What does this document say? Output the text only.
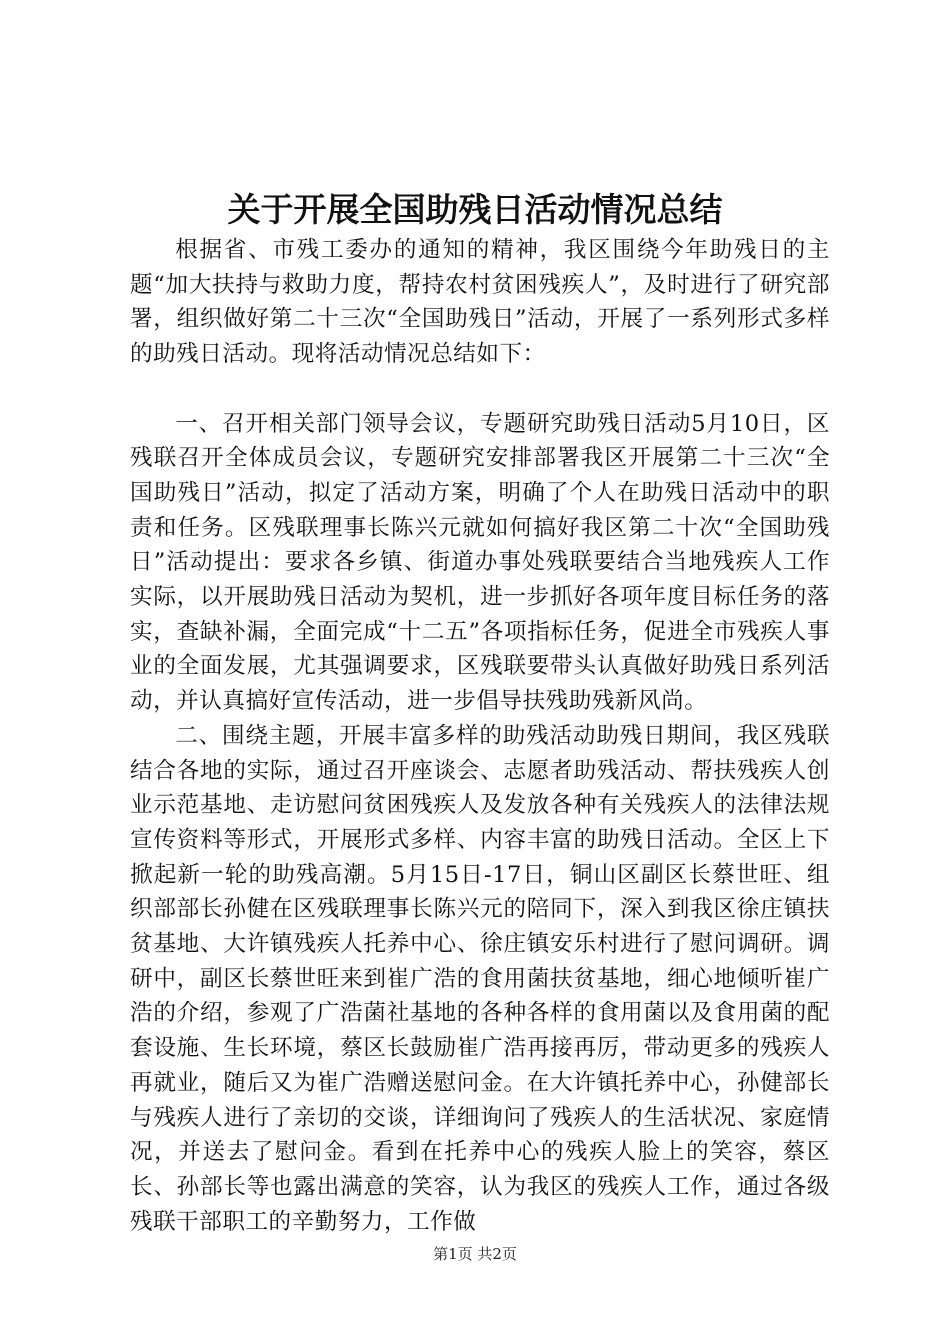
关于开展全国助残日活动情况总结

根据省、市残工委办的通知的精神，我区围绕今年助残日的主题“加大扶持与救助力度，帮持农村贫困残疾人”，及时进行了研究部署，组织做好第二十三次“全国助残日”活动，开展了一系列形式多样的助残日活动。现将活动情况总结如下：

一、召开相关部门领导会议，专题研究助残日活动5月10日，区残联召开全体成员会议，专题研究安排部署我区开展第二十三次“全国助残日”活动，拟定了活动方案，明确了个人在助残日活动中的职责和任务。区残联理事长陈兴元就如何搞好我区第二十次“全国助残日”活动提出：要求各乡镇、街道办事处残联要结合当地残疾人工作实际，以开展助残日活动为契机，进一步抓好各项年度目标任务的落实，查缺补漏，全面完成“十二五”各项指标任务，促进全市残疾人事业的全面发展，尤其强调要求，区残联要带头认真做好助残日系列活动，并认真搞好宣传活动，进一步倡导扶残助残新风尚。

二、围绕主题，开展丰富多样的助残活动助残日期间，我区残联结合各地的实际，通过召开座谈会、志愿者助残活动、帮扶残疾人创业示范基地、走访慰问贫困残疾人及发放各种有关残疾人的法律法规宣传资料等形式，开展形式多样、内容丰富的助残日活动。全区上下掀起新一轮的助残高潮。5月15日-17日，铜山区副区长蔡世旺、组织部部长孙健在区残联理事长陈兴元的陪同下，深入到我区徐庄镇扶贫基地、大许镇残疾人托养中心、徐庄镇安乐村进行了慰问调研。调研中，副区长蔡世旺来到崔广浩的食用菌扶贫基地，细心地倾听崔广浩的介绍，参观了广浩菌社基地的各种各样的食用菌以及食用菌的配套设施、生长环境，蔡区长鼓励崔广浩再接再厉，带动更多的残疾人再就业，随后又为崔广浩赠送慰问金。在大许镇托养中心，孙健部长与残疾人进行了亲切的交谈，详细询问了残疾人的生活状况、家庭情况，并送去了慰问金。看到在托养中心的残疾人脸上的笑容，蔡区长、孙部长等也露出满意的笑容，认为我区的残疾人工作，通过各级残联干部职工的辛勤努力，工作做

第1页 共2页
